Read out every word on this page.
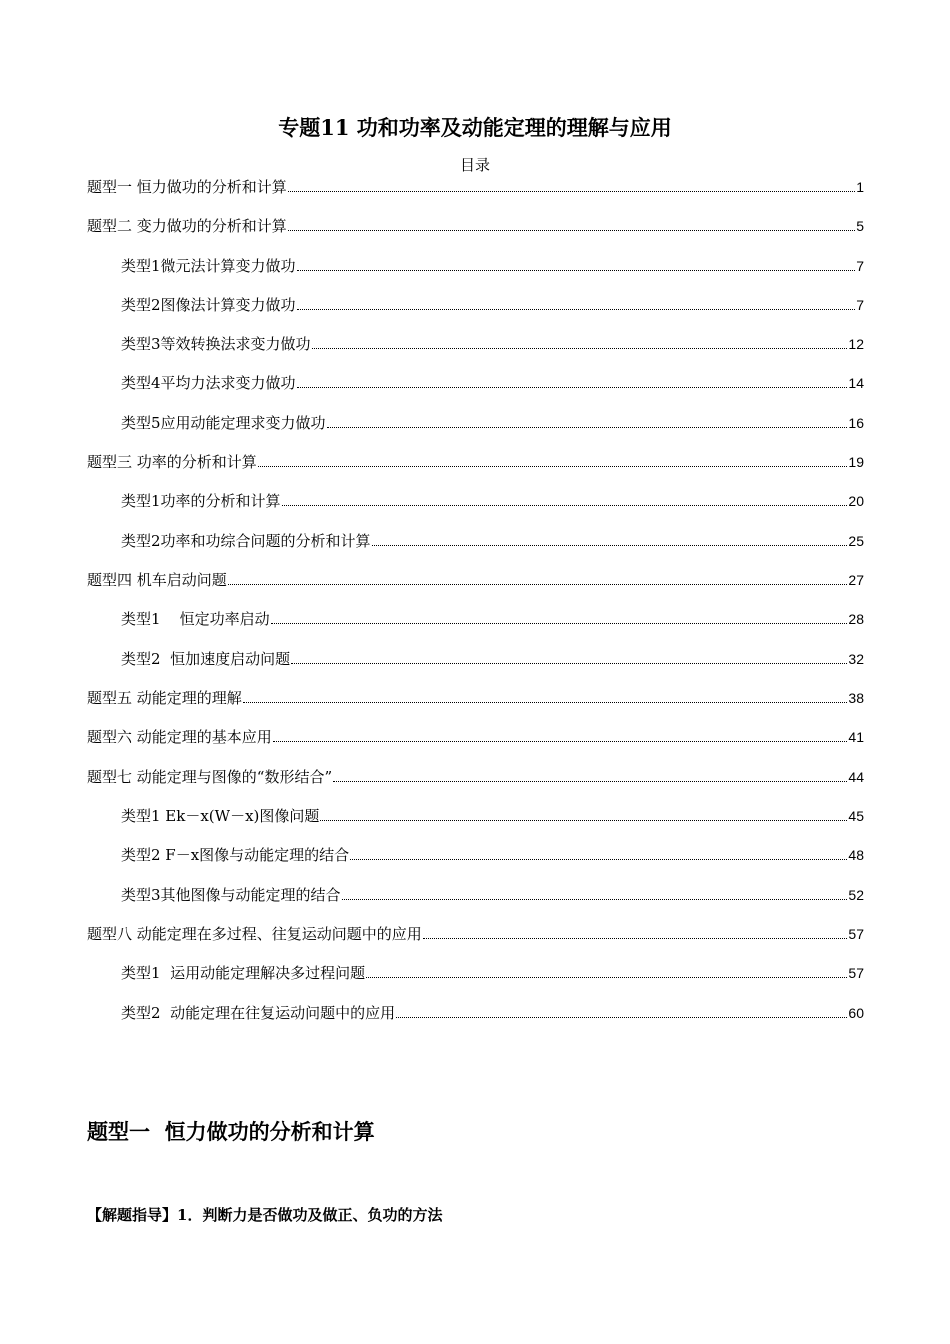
专题11 功和功率及动能定理的理解与应用
目录
题型一 恒力做功的分析和计算	1
题型二 变力做功的分析和计算	5
类型1微元法计算变力做功	7
类型2图像法计算变力做功	7
类型3等效转换法求变力做功	12
类型4平均力法求变力做功	14
类型5应用动能定理求变力做功	16
题型三 功率的分析和计算	19
类型1功率的分析和计算	20
类型2功率和功综合问题的分析和计算	25
题型四 机车启动问题	27
类型1    恒定功率启动	28
类型2  恒加速度启动问题	32
题型五 动能定理的理解	38
题型六 动能定理的基本应用	41
题型七 动能定理与图像的“数形结合”	44
类型1 Ek－x(W－x)图像问题	45
类型2 F－x图像与动能定理的结合	48
类型3其他图像与动能定理的结合	52
题型八 动能定理在多过程、往复运动问题中的应用	57
类型1  运用动能定理解决多过程问题	57
类型2  动能定理在往复运动问题中的应用	60
题型一  恒力做功的分析和计算
【解题指导】1．判断力是否做功及做正、负功的方法
